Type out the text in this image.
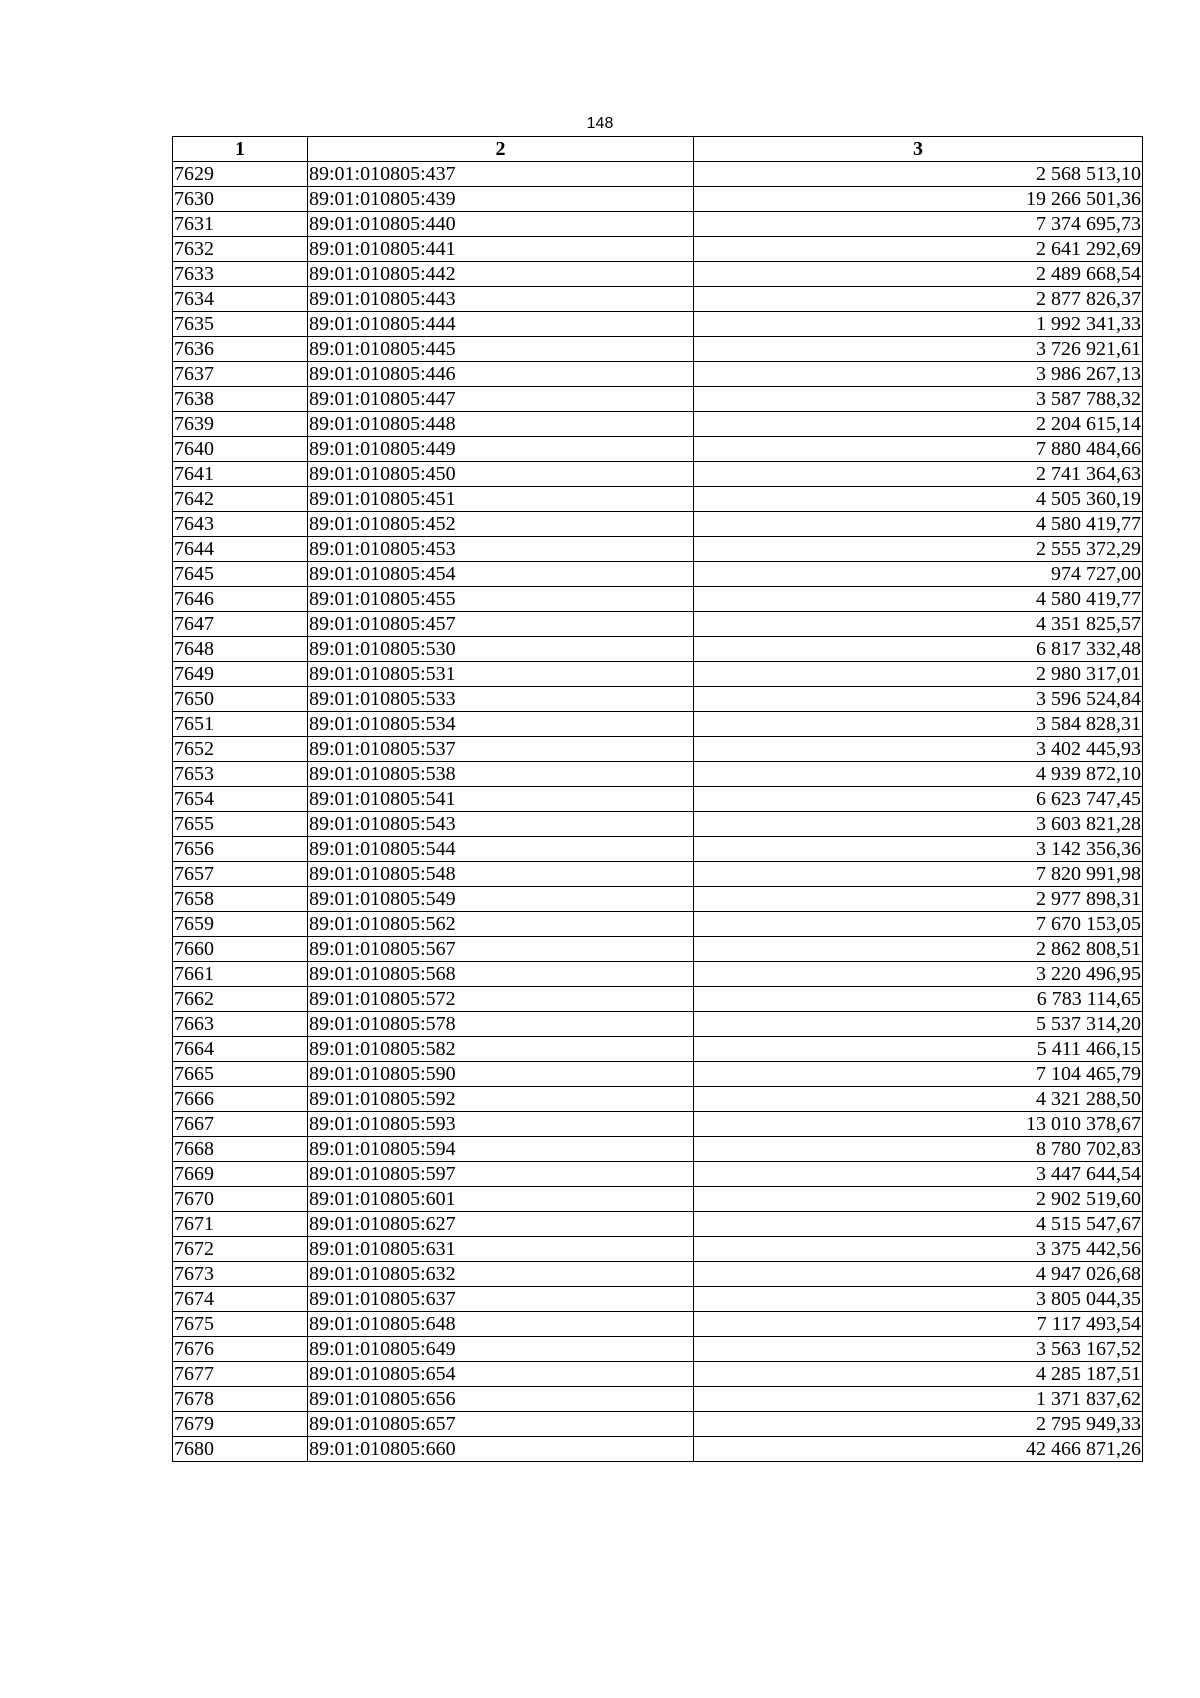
148
1	2	3
7629	89:01:010805:437	2 568 513,10
7630	89:01:010805:439	19 266 501,36
7631	89:01:010805:440	7 374 695,73
7632	89:01:010805:441	2 641 292,69
7633	89:01:010805:442	2 489 668,54
7634	89:01:010805:443	2 877 826,37
7635	89:01:010805:444	1 992 341,33
7636	89:01:010805:445	3 726 921,61
7637	89:01:010805:446	3 986 267,13
7638	89:01:010805:447	3 587 788,32
7639	89:01:010805:448	2 204 615,14
7640	89:01:010805:449	7 880 484,66
7641	89:01:010805:450	2 741 364,63
7642	89:01:010805:451	4 505 360,19
7643	89:01:010805:452	4 580 419,77
7644	89:01:010805:453	2 555 372,29
7645	89:01:010805:454	974 727,00
7646	89:01:010805:455	4 580 419,77
7647	89:01:010805:457	4 351 825,57
7648	89:01:010805:530	6 817 332,48
7649	89:01:010805:531	2 980 317,01
7650	89:01:010805:533	3 596 524,84
7651	89:01:010805:534	3 584 828,31
7652	89:01:010805:537	3 402 445,93
7653	89:01:010805:538	4 939 872,10
7654	89:01:010805:541	6 623 747,45
7655	89:01:010805:543	3 603 821,28
7656	89:01:010805:544	3 142 356,36
7657	89:01:010805:548	7 820 991,98
7658	89:01:010805:549	2 977 898,31
7659	89:01:010805:562	7 670 153,05
7660	89:01:010805:567	2 862 808,51
7661	89:01:010805:568	3 220 496,95
7662	89:01:010805:572	6 783 114,65
7663	89:01:010805:578	5 537 314,20
7664	89:01:010805:582	5 411 466,15
7665	89:01:010805:590	7 104 465,79
7666	89:01:010805:592	4 321 288,50
7667	89:01:010805:593	13 010 378,67
7668	89:01:010805:594	8 780 702,83
7669	89:01:010805:597	3 447 644,54
7670	89:01:010805:601	2 902 519,60
7671	89:01:010805:627	4 515 547,67
7672	89:01:010805:631	3 375 442,56
7673	89:01:010805:632	4 947 026,68
7674	89:01:010805:637	3 805 044,35
7675	89:01:010805:648	7 117 493,54
7676	89:01:010805:649	3 563 167,52
7677	89:01:010805:654	4 285 187,51
7678	89:01:010805:656	1 371 837,62
7679	89:01:010805:657	2 795 949,33
7680	89:01:010805:660	42 466 871,26
